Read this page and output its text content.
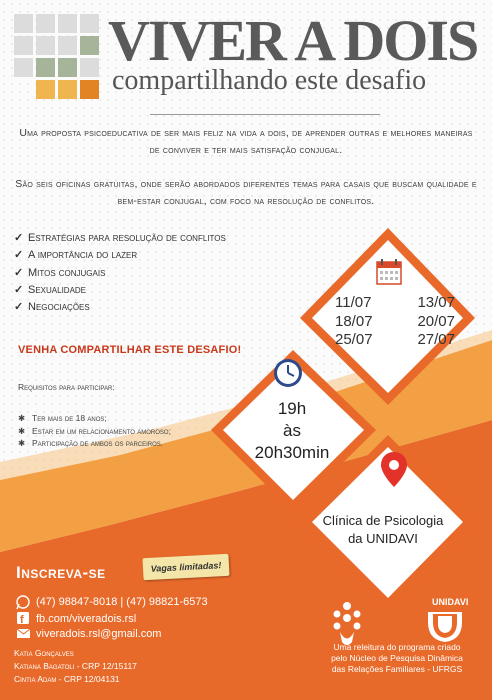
f
VIVER A DOIS
compartilhando este desafio
Uma proposta psicoeducativa de ser mais feliz na vida a dois, de aprender outras e melhores maneiras de conviver e ter mais satisfação conjugal.
São seis oficinas gratuitas, onde serão abordados diferentes temas para casais que buscam qualidade e bem-estar conjugal, com foco na resolução de conflitos.
✓ Estratégias para resolução de conflitos
✓ A importância do lazer
✓ Mitos conjugais
✓ Sexualidade
✓ Negociações
VENHA COMPARTILHAR ESTE DESAFIO!
Requisitos para participar:
✱ Ter mais de 18 anos;
✱ Estar em um relacionamento amoroso;
✱ Participação de ambos os parceiros.
11/07	13/07
18/07	20/07
25/07	27/07
19h
às
20h30min
Clínica de Psicologia
da UNIDAVI
Inscreva-se	Vagas limitadas!
(47) 98847-8018 | (47) 98821-6573
fb.com/viveradois.rsl
viveradois.rsl@gmail.com
Katia Gonçalves
Katiana Bagatoli - CRP 12/15117
Cintia Adam - CRP 12/04131
UNIDAVI
Uma releitura do programa criado
pelo Núcleo de Pesquisa Dinâmica
das Relações Familiares - UFRGS
